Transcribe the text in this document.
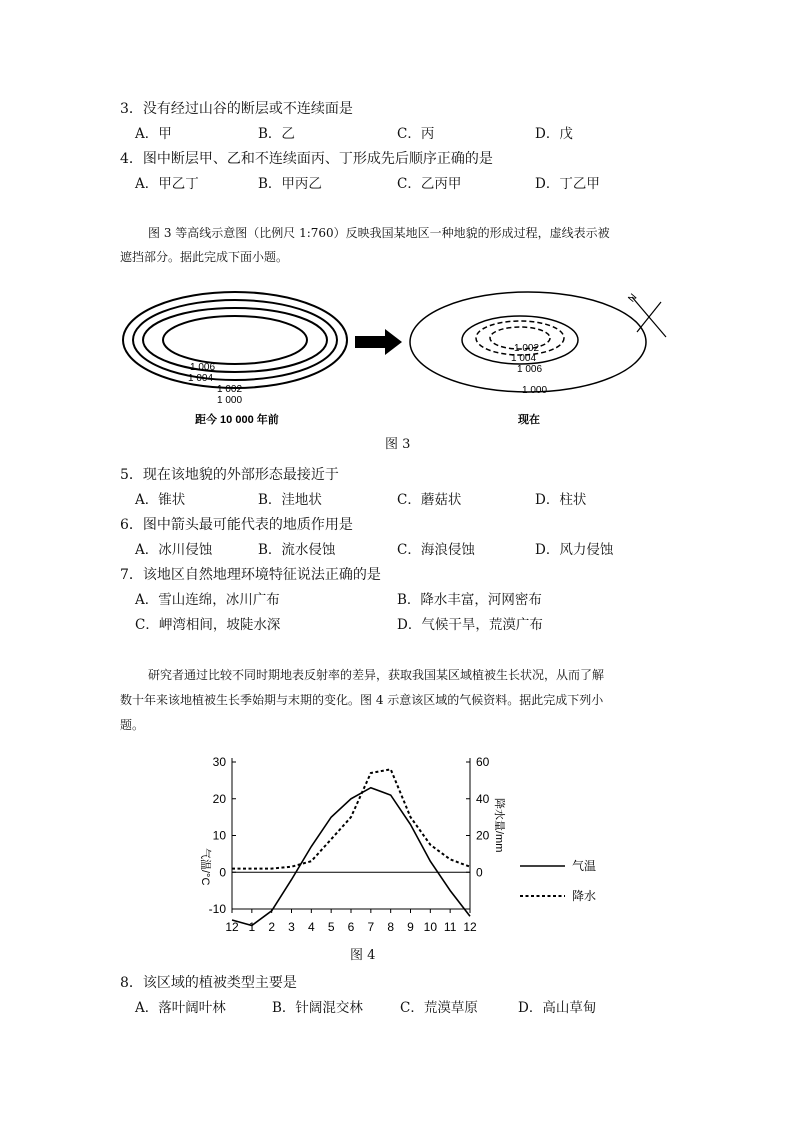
3．没有经过山谷的断层或不连续面是
A．甲	B．乙	C．丙	D．戊
4．图中断层甲、乙和不连续面丙、丁形成先后顺序正确的是
A．甲乙丁	B．甲丙乙	C．乙丙甲	D．丁乙甲
图 3 等高线示意图（比例尺 1:760）反映我国某地区一种地貌的形成过程，虚线表示被
遮挡部分。据此完成下面小题。
1 006
1 004
1 002
1 000
距今 10 000 年前
1 002
1 004
1 006
1 000
现在
N
图 3
5．现在该地貌的外部形态最接近于
A．锥状	B．洼地状	C．蘑菇状	D．柱状
6．图中箭头最可能代表的地质作用是
A．冰川侵蚀	B．流水侵蚀	C．海浪侵蚀	D．风力侵蚀
7．该地区自然地理环境特征说法正确的是
A．雪山连绵，冰川广布	B．降水丰富，河网密布
C．岬湾相间，坡陡水深	D．气候干旱，荒漠广布
研究者通过比较不同时期地表反射率的差异，获取我国某区域植被生长状况，从而了解
数十年来该地植被生长季始期与末期的变化。图 4 示意该区域的气候资料。据此完成下列小
题。
30
20
10
0
-10
60
40
20
0
12 1 2 3 4 5 6 7 8 9 10 11 12
气温/°C
降水量/mm
气温
降水
图 4
8．该区域的植被类型主要是
A．落叶阔叶林	B．针阔混交林	C．荒漠草原	D．高山草甸
